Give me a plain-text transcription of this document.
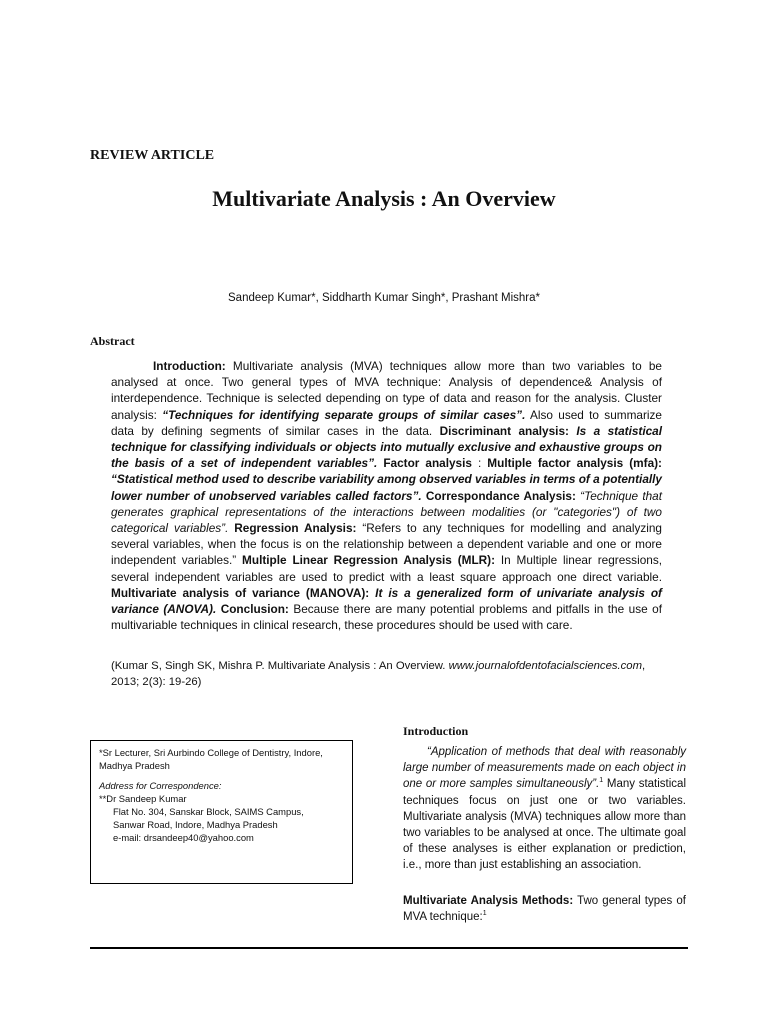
REVIEW ARTICLE
Multivariate Analysis : An Overview
Sandeep Kumar*, Siddharth Kumar Singh*, Prashant Mishra*
Abstract

Introduction: Multivariate analysis (MVA) techniques allow more than two variables to be analysed at once. Two general types of MVA technique: Analysis of dependence& Analysis of interdependence. Technique is selected depending on type of data and reason for the analysis. Cluster analysis: “Techniques for identifying separate groups of similar cases”. Also used to summarize data by defining segments of similar cases in the data. Discriminant analysis: Is a statistical technique for classifying individuals or objects into mutually exclusive and exhaustive groups on the basis of a set of independent variables”. Factor analysis : Multiple factor analysis (mfa): “Statistical method used to describe variability among observed variables in terms of a potentially lower number of unobserved variables called factors”. Correspondance Analysis: “Technique that generates graphical representations of the interactions between modalities (or "categories") of two categorical variables”. Regression Analysis: “Refers to any techniques for modelling and analyzing several variables, when the focus is on the relationship between a dependent variable and one or more independent variables.” Multiple Linear Regression Analysis (MLR): In Multiple linear regressions, several independent variables are used to predict with a least square approach one direct variable. Multivariate analysis of variance (MANOVA): It is a generalized form of univariate analysis of variance (ANOVA). Conclusion: Because there are many potential problems and pitfalls in the use of multivariable techniques in clinical research, these procedures should be used with care.

(Kumar S, Singh SK, Mishra P. Multivariate Analysis : An Overview. www.journalofdentofacialsciences.com, 2013; 2(3): 19-26)

*Sr Lecturer, Sri Aurbindo College of Dentistry, Indore, Madhya Pradesh
Address for Correspondence:
**Dr Sandeep Kumar
Flat No. 304, Sanskar Block, SAIMS Campus,
Sanwar Road, Indore, Madhya Pradesh
e-mail: drsandeep40@yahoo.com
Introduction

“Application of methods that deal with reasonably large number of measurements made on each object in one or more samples simultaneously”.$^1$ Many statistical techniques focus on just one or two variables. Multivariate analysis (MVA) techniques allow more than two variables to be analysed at once. The ultimate goal of these analyses is either explanation or prediction, i.e., more than just establishing an association.

Multivariate Analysis Methods: Two general types of MVA technique:$^1$
